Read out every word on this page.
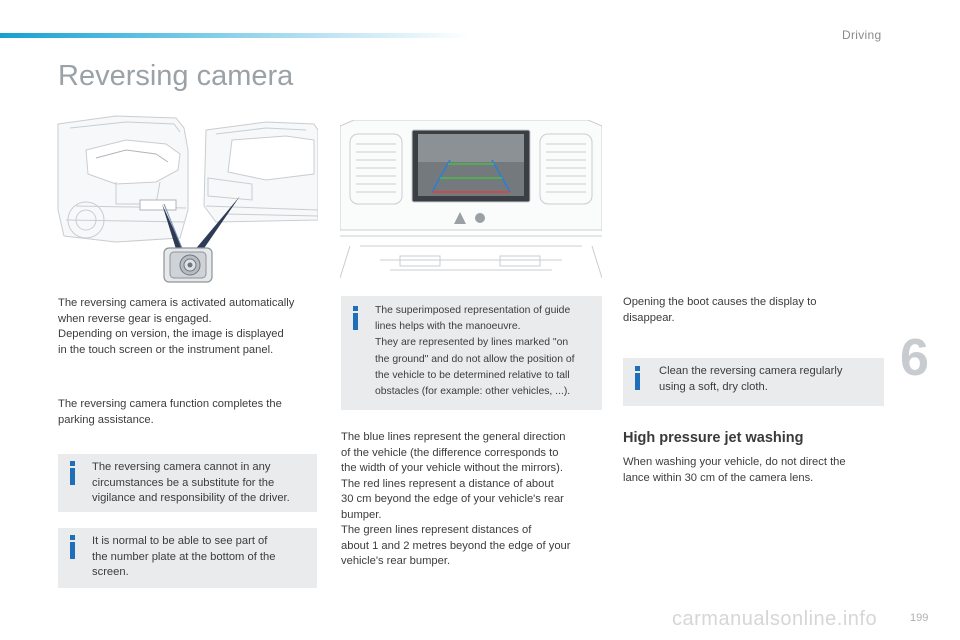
Driving
Reversing camera
The reversing camera is activated automatically
when reverse gear is engaged.
Depending on version, the image is displayed
in the touch screen or the instrument panel.
The reversing camera function completes the
parking assistance.
The reversing camera cannot in any
circumstances be a substitute for the
vigilance and responsibility of the driver.
It is normal to be able to see part of
the number plate at the bottom of the
screen.
The superimposed representation of guide
lines helps with the manoeuvre.
They are represented by lines marked "on
the ground" and do not allow the position of
the vehicle to be determined relative to tall
obstacles (for example: other vehicles, ...).
The blue lines represent the general direction
of the vehicle (the difference corresponds to
the width of your vehicle without the mirrors).
The red lines represent a distance of about
30 cm beyond the edge of your vehicle's rear
bumper.
The green lines represent distances of
about 1 and 2 metres beyond the edge of your
vehicle's rear bumper.
Opening the boot causes the display to
disappear.
Clean the reversing camera regularly
using a soft, dry cloth.
High pressure jet washing
When washing your vehicle, do not direct the
lance within 30 cm of the camera lens.
6
carmanualsonline.info	199
